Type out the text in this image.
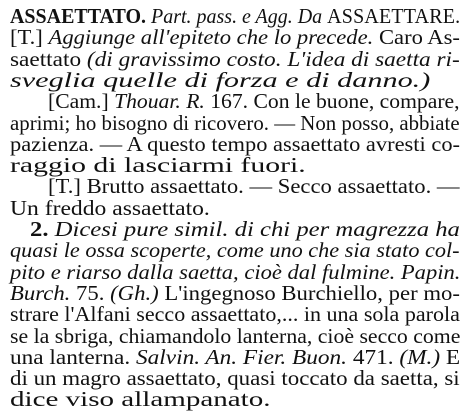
ASSAETTATO. Part. pass. e Agg. Da ASSAETTARE.
[T.] Aggiunge all'epiteto che lo precede. Caro As-
saettato (di gravissimo costo. L'idea di saetta ri-
sveglia quelle di forza e di danno.)
[Cam.] Thouar. R. 167. Con le buone, compare,
aprimi; ho bisogno di ricovero. — Non posso, abbiate
pazienza. — A questo tempo assaettato avresti co-
raggio di lasciarmi fuori.
[T.] Brutto assaettato. — Secco assaettato. —
Un freddo assaettato.
2. Dicesi pure simil. di chi per magrezza ha
quasi le ossa scoperte, come uno che sia stato col-
pito e riarso dalla saetta, cioè dal fulmine. Papin.
Burch. 75. (Gh.) L'ingegnoso Burchiello, per mo-
strare l'Alfani secco assaettato,... in una sola parola
se la sbriga, chiamandolo lanterna, cioè secco come
una lanterna. Salvin. An. Fier. Buon. 471. (M.) E
di un magro assaettato, quasi toccato da saetta, si
dice viso allampanato.
